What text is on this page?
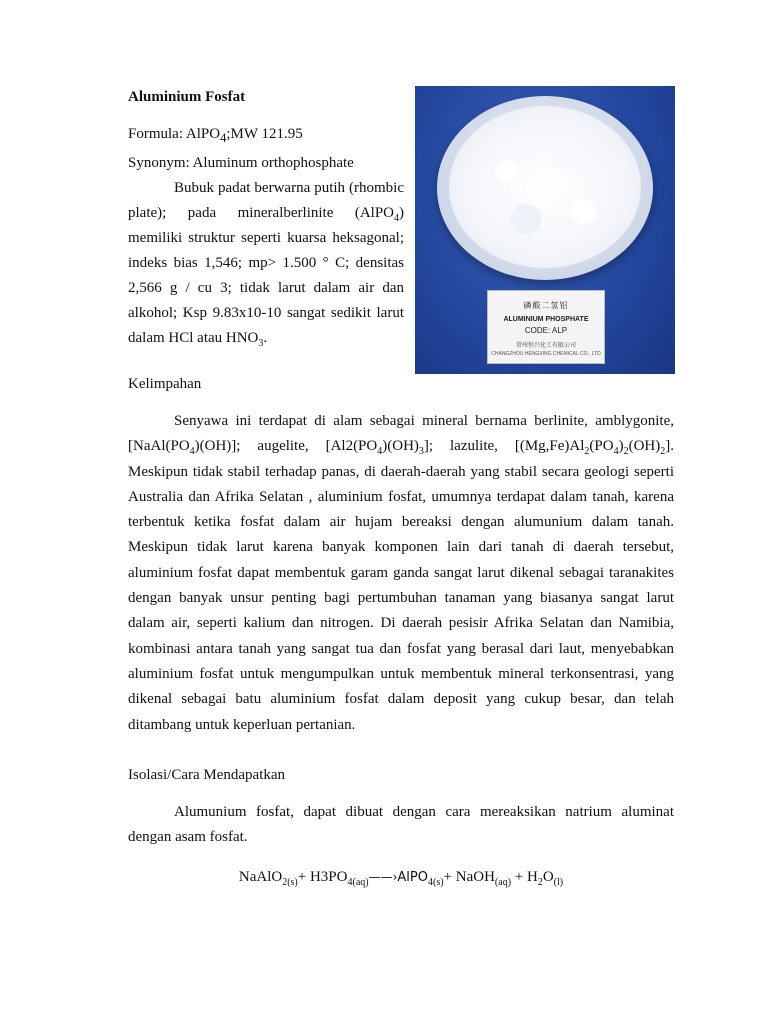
Aluminium Fosfat

Formula: AlPO$_4$;MW 121.95

Synonym: Aluminum orthophosphate

Bubuk padat berwarna putih (rhombic plate); pada mineralberlinite (AlPO$_4$) memiliki struktur seperti kuarsa heksagonal; indeks bias 1,546; mp> 1.500 ° C; densitas 2,566 g / cu 3; tidak larut dalam air dan alkohol; Ksp 9.83x10-10 sangat sedikit larut dalam HCl atau $HNO_3$.

磷酸二氢铝
ALUMINIUM PHOSPHATE
CODE: ALP
常州恒兴化工有限公司
CHANGZHOU HENGXING CHEMICAL CO., LTD

Kelimpahan

Senyawa ini terdapat di alam sebagai mineral bernama berlinite, amblygonite, $[NaAl(PO_4)(OH)]$; augelite, $[Al2(PO_4)(OH)_3]$; lazulite, $[(Mg,Fe)Al_2(PO_4)_2(OH)_2]$. Meskipun tidak stabil terhadap panas, di daerah-daerah yang stabil secara geologi seperti Australia dan Afrika Selatan , aluminium fosfat, umumnya terdapat dalam tanah, karena terbentuk ketika fosfat dalam air hujam bereaksi dengan alumunium dalam tanah. Meskipun tidak larut karena banyak komponen lain dari tanah di daerah tersebut, aluminium fosfat dapat membentuk garam ganda sangat larut dikenal sebagai taranakites dengan banyak unsur penting bagi pertumbuhan tanaman yang biasanya sangat larut dalam air, seperti kalium dan nitrogen. Di daerah pesisir Afrika Selatan dan Namibia, kombinasi antara tanah yang sangat tua dan fosfat yang berasal dari laut, menyebabkan aluminium fosfat untuk mengumpulkan untuk membentuk mineral terkonsentrasi, yang dikenal sebagai batu aluminium fosfat dalam deposit yang cukup besar, dan telah ditambang untuk keperluan pertanian.

Isolasi/Cara Mendapatkan

Alumunium fosfat, dapat dibuat dengan cara mereaksikan natrium aluminat dengan asam fosfat.

NaAlO$_{2(s)}$+ $H3PO_{4(aq)}——›AlPO_{4(s)}+$ NaOH$_{(aq)}$ + $H_2O_{(l)}$
